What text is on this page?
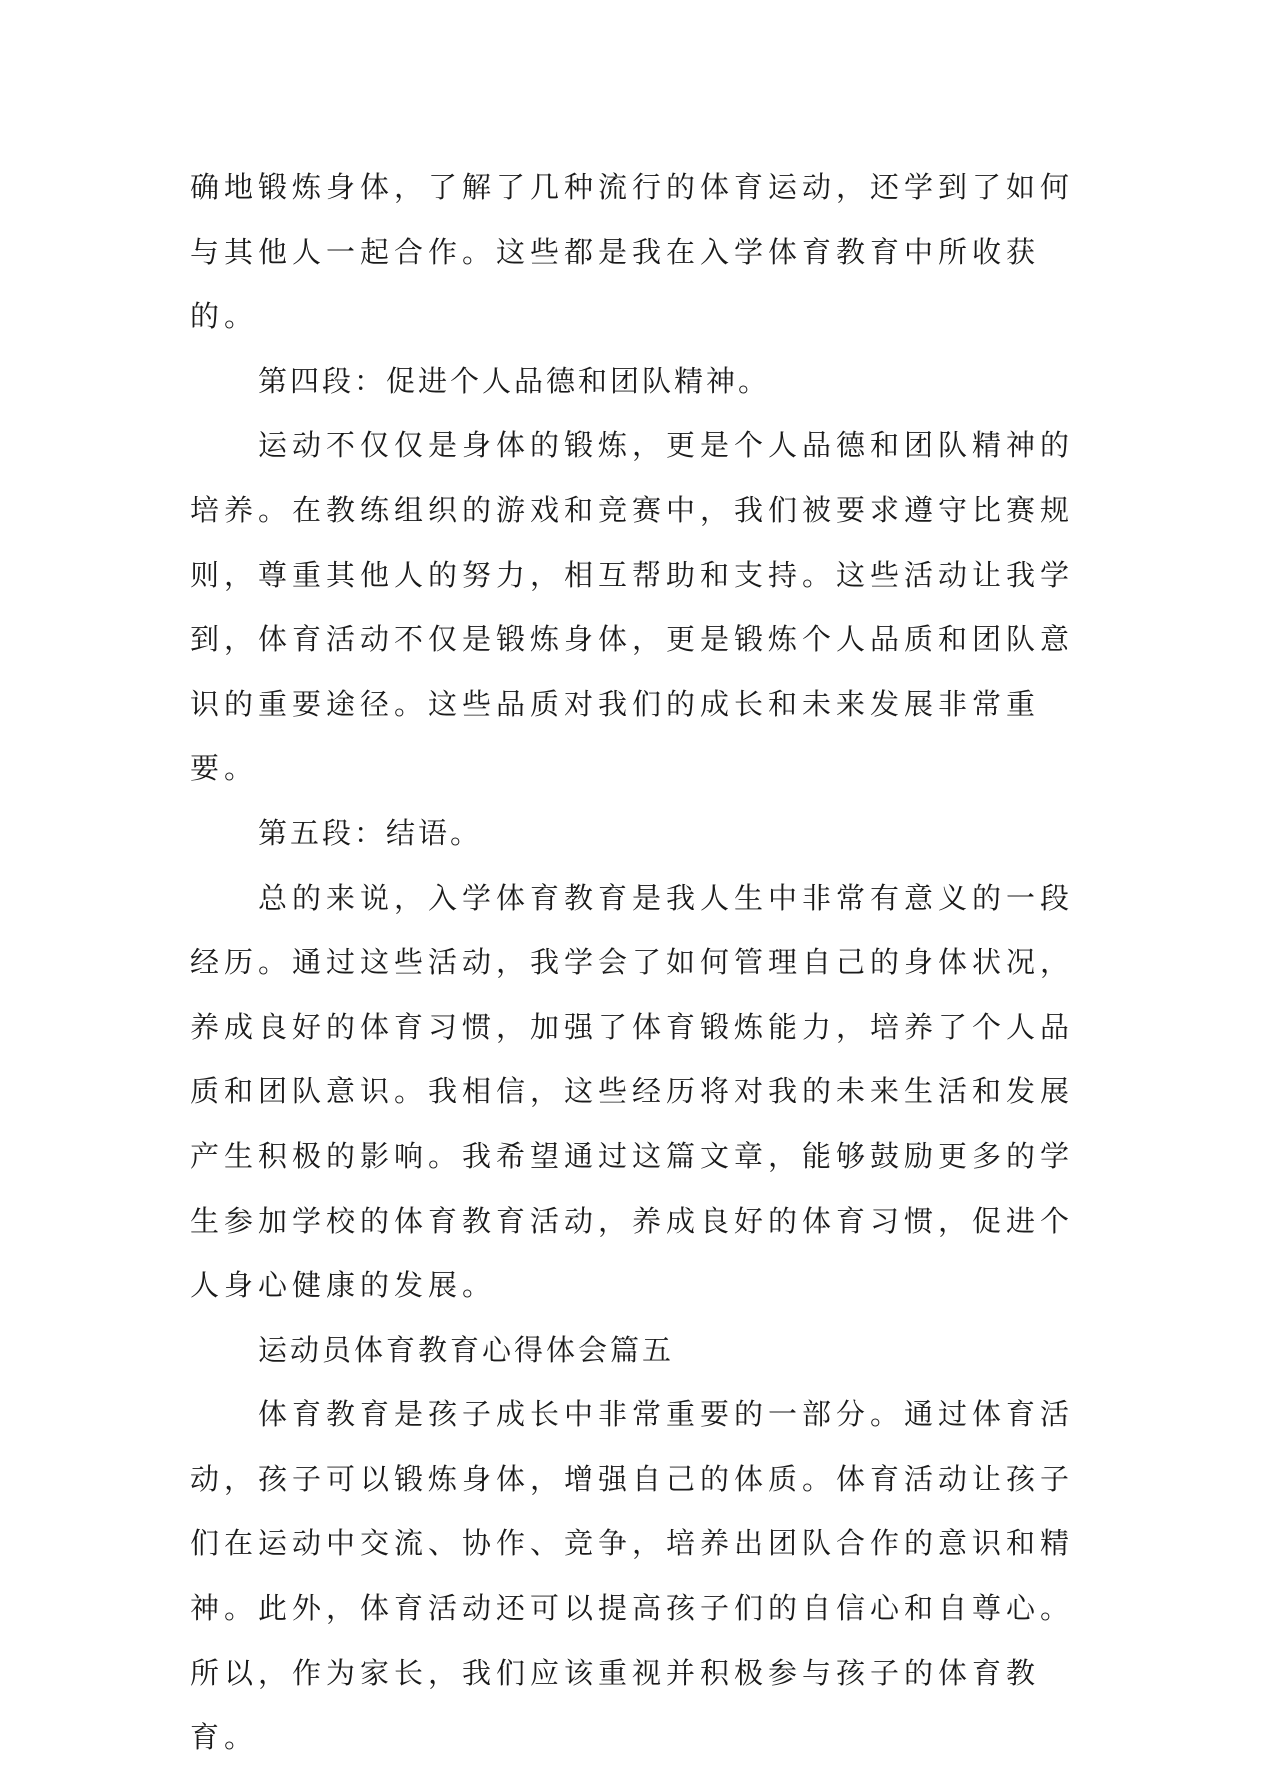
确地锻炼身体，了解了几种流行的体育运动，还学到了如何与其他人一起合作。这些都是我在入学体育教育中所收获的。

第四段：促进个人品德和团队精神。

运动不仅仅是身体的锻炼，更是个人品德和团队精神的培养。在教练组织的游戏和竞赛中，我们被要求遵守比赛规则，尊重其他人的努力，相互帮助和支持。这些活动让我学到，体育活动不仅是锻炼身体，更是锻炼个人品质和团队意识的重要途径。这些品质对我们的成长和未来发展非常重要。

第五段：结语。

总的来说，入学体育教育是我人生中非常有意义的一段经历。通过这些活动，我学会了如何管理自己的身体状况，养成良好的体育习惯，加强了体育锻炼能力，培养了个人品质和团队意识。我相信，这些经历将对我的未来生活和发展产生积极的影响。我希望通过这篇文章，能够鼓励更多的学生参加学校的体育教育活动，养成良好的体育习惯，促进个人身心健康的发展。

运动员体育教育心得体会篇五

体育教育是孩子成长中非常重要的一部分。通过体育活动，孩子可以锻炼身体，增强自己的体质。体育活动让孩子们在运动中交流、协作、竞争，培养出团队合作的意识和精神。此外，体育活动还可以提高孩子们的自信心和自尊心。所以，作为家长，我们应该重视并积极参与孩子的体育教育。
